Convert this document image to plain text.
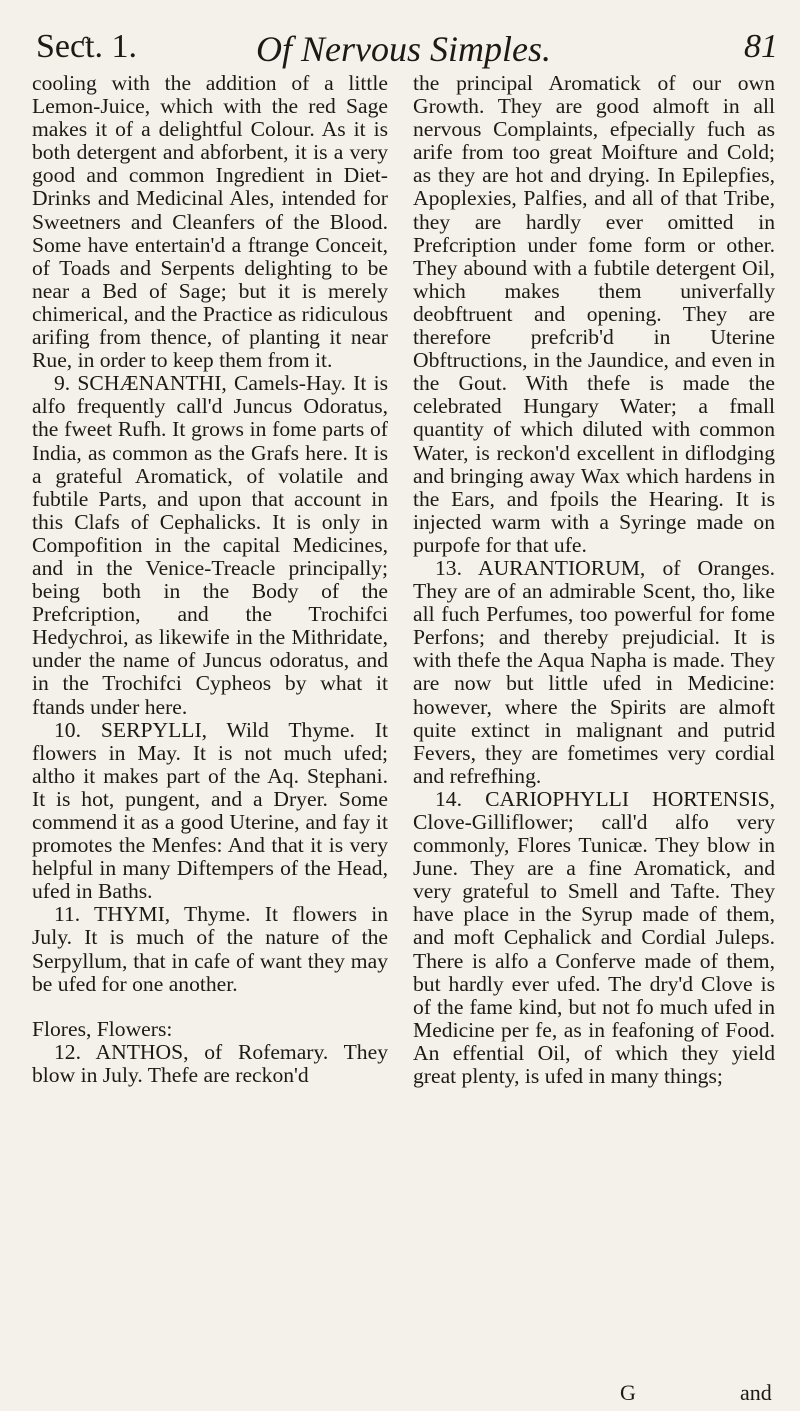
Seƈt. 1.	Of Nervous Simples.	81

cooling with the addition of a little Lemon-Juice, which with the red Sage makes it of a delightful Colour. As it is both detergent and abforbent, it is a very good and common Ingredient in Diet-Drinks and Medicinal Ales, intended for Sweetners and Cleanfers of the Blood. Some have entertain'd a ftrange Conceit, of Toads and Serpents delighting to be near a Bed of Sage; but it is merely chimerical, and the Practice as ridiculous arifing from thence, of planting it near Rue, in order to keep them from it.

9. SCHÆNANTHI, Camels-Hay. It is alfo frequently call'd Juncus Odoratus, the fweet Rufh. It grows in fome parts of India, as common as the Grafs here. It is a grateful Aromatick, of volatile and fubtile Parts, and upon that account in this Clafs of Cephalicks. It is only in Compofition in the capital Medicines, and in the Venice-Treacle principally; being both in the Body of the Prefcription, and the Trochifci Hedychroi, as likewife in the Mithridate, under the name of Juncus odoratus, and in the Trochifci Cypheos by what it ftands under here.

10. SERPYLLI, Wild Thyme. It flowers in May. It is not much ufed; altho it makes part of the Aq. Stephani. It is hot, pungent, and a Dryer. Some commend it as a good Uterine, and fay it promotes the Menfes: And that it is very helpful in many Diftempers of the Head, ufed in Baths.

11. THYMI, Thyme. It flowers in July. It is much of the nature of the Serpyllum, that in cafe of want they may be ufed for one another.

Flores, Flowers:

12. ANTHOS, of Rofemary. They blow in July. Thefe are reckon'd

the principal Aromatick of our own Growth. They are good almoft in all nervous Complaints, efpecially fuch as arife from too great Moifture and Cold; as they are hot and drying. In Epilepfies, Apoplexies, Palfies, and all of that Tribe, they are hardly ever omitted in Prefcription under fome form or other. They abound with a fubtile detergent Oil, which makes them univerfally deobftruent and opening. They are therefore prefcrib'd in Uterine Obftructions, in the Jaundice, and even in the Gout. With thefe is made the celebrated Hungary Water; a fmall quantity of which diluted with common Water, is reckon'd excellent in diflodging and bringing away Wax which hardens in the Ears, and fpoils the Hearing. It is injected warm with a Syringe made on purpofe for that ufe.

13. AURANTIORUM, of Oranges. They are of an admirable Scent, tho, like all fuch Perfumes, too powerful for fome Perfons; and thereby prejudicial. It is with thefe the Aqua Napha is made. They are now but little ufed in Medicine: however, where the Spirits are almoft quite extinct in malignant and putrid Fevers, they are fometimes very cordial and refrefhing.

14. CARIOPHYLLI HORTENSIS, Clove-Gilliflower; call'd alfo very commonly, Flores Tunicæ. They blow in June. They are a fine Aromatick, and very grateful to Smell and Tafte. They have place in the Syrup made of them, and moft Cephalick and Cordial Juleps. There is alfo a Conferve made of them, but hardly ever ufed. The dry'd Clove is of the fame kind, but not fo much ufed in Medicine per fe, as in feafoning of Food. An effential Oil, of which they yield great plenty, is ufed in many things;

G	and
